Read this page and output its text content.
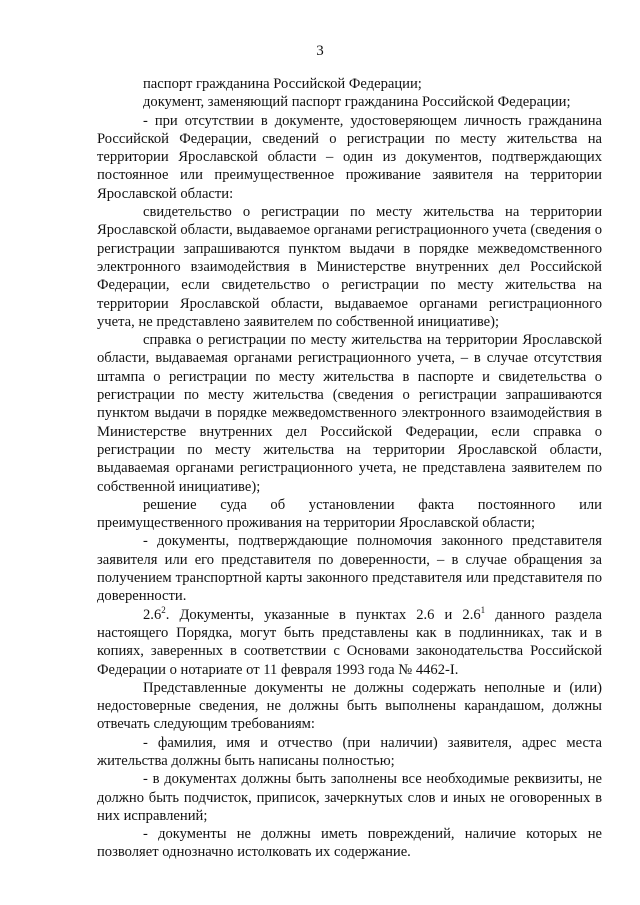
3

паспорт гражданина Российской Федерации;

документ, заменяющий паспорт гражданина Российской Федерации;

- при отсутствии в документе, удостоверяющем личность гражданина Российской Федерации, сведений о регистрации по месту жительства на территории Ярославской области – один из документов, подтверждающих постоянное или преимущественное проживание заявителя на территории Ярославской области:

свидетельство о регистрации по месту жительства на территории Ярославской области, выдаваемое органами регистрационного учета (сведения о регистрации запрашиваются пунктом выдачи в порядке межведомственного электронного взаимодействия в Министерстве внутренних дел Российской Федерации, если свидетельство о регистрации по месту жительства на территории Ярославской области, выдаваемое органами регистрационного учета, не представлено заявителем по собственной инициативе);

справка о регистрации по месту жительства на территории Ярославской области, выдаваемая органами регистрационного учета, – в случае отсутствия штампа о регистрации по месту жительства в паспорте и свидетельства о регистрации по месту жительства (сведения о регистрации запрашиваются пунктом выдачи в порядке межведомственного электронного взаимодействия в Министерстве внутренних дел Российской Федерации, если справка о регистрации по месту жительства на территории Ярославской области, выдаваемая органами регистрационного учета, не представлена заявителем по собственной инициативе);

решение суда об установлении факта постоянного или преимущественного проживания на территории Ярославской области;

- документы, подтверждающие полномочия законного представителя заявителя или его представителя по доверенности, – в случае обращения за получением транспортной карты законного представителя или представителя по доверенности.

$2.6^2$. Документы, указанные в пунктах 2.6 и $2.6^1$ данного раздела настоящего Порядка, могут быть представлены как в подлинниках, так и в копиях, заверенных в соответствии с Основами законодательства Российской Федерации о нотариате от 11 февраля 1993 года № 4462-I.

Представленные документы не должны содержать неполные и (или) недостоверные сведения, не должны быть выполнены карандашом, должны отвечать следующим требованиям:

- фамилия, имя и отчество (при наличии) заявителя, адрес места жительства должны быть написаны полностью;

- в документах должны быть заполнены все необходимые реквизиты, не должно быть подчисток, приписок, зачеркнутых слов и иных не оговоренных в них исправлений;

- документы не должны иметь повреждений, наличие которых не позволяет однозначно истолковать их содержание.
